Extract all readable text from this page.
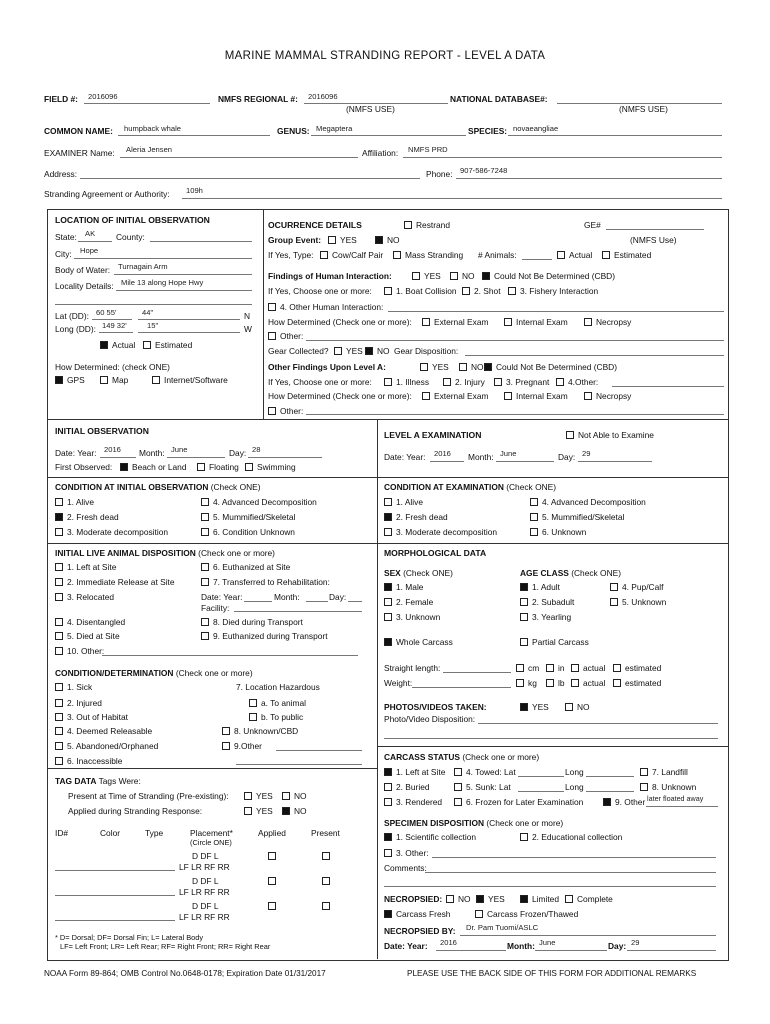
MARINE MAMMAL STRANDING REPORT - LEVEL A DATA
FIELD #: 2016096	NMFS REGIONAL #: 2016096
(NMFS USE)
NATIONAL DATABASE#:
(NMFS USE)
COMMON NAME: humpback whale	GENUS: Megaptera	SPECIES: novaeangliae
EXAMINER Name: Aleria Jensen	Affiliation: NMFS PRD
Address:	Phone: 907-586-7248
Stranding Agreement or Authority: 109h
LOCATION OF INITIAL OBSERVATION
State: AK County:
City: Hope
Body of Water: Turnagain Arm
Locality Details: Mile 13 along Hope Hwy
Lat (DD): 60 55'	44"	N
Long (DD): 149 32'	15"	W
Actual	Estimated
How Determined: (check ONE)
GPS	Map	Internet/Software
OCURRENCE DETAILS	Restrand	GE#
Group Event:	YES	NO	(NMFS Use)
If Yes, Type:	Cow/Calf Pair	Mass Stranding # Animals:	Actual	Estimated
Findings of Human Interaction:	YES	NO	Could Not Be Determined (CBD)
If Yes, Choose one or more:	1. Boat Collision	2. Shot	3. Fishery Interaction
4. Other Human Interaction:
How Determined (Check one or more):	External Exam	Internal Exam	Necropsy
Other:
Gear Collected?	YES	NO Gear Disposition:
Other Findings Upon Level A:	YES	NO	Could Not Be Determined (CBD)
If Yes, Choose one or more:	1. Illness	2. Injury	3. Pregnant	4.Other:
How Determined (Check one or more):	External Exam	Internal Exam	Necropsy
Other:
INITIAL OBSERVATION
Date: Year: 2016 Month: June	Day: 28
First Observed:	Beach or Land	Floating	Swimming
LEVEL A EXAMINATION	Not Able to Examine
Date: Year: 2016 Month: June	Day: 29
CONDITION AT INITIAL OBSERVATION (Check ONE)
1. Alive
2. Fresh dead
3. Moderate decomposition
4. Advanced Decomposition
5. Mummified/Skeletal
6. Condition Unknown
CONDITION AT EXAMINATION (Check ONE)
1. Alive
2. Fresh dead
3. Moderate decomposition
4. Advanced Decomposition
5. Mummified/Skeletal
6. Unknown
INITIAL LIVE ANIMAL DISPOSITION (Check one or more)
1. Left at Site
2. Immediate Release at Site
3. Relocated
6. Euthanized at Site
7. Transferred to Rehabilitation:
Date: Year:	Month:	Day:
Facility:
4. Disentangled
5. Died at Site
8. Died during Transport
9. Euthanized during Transport
10. Other:
CONDITION/DETERMINATION (Check one or more)
1. Sick
2. Injured
3. Out of Habitat
4. Deemed Releasable
5. Abandoned/Orphaned
6. Inaccessible
7. Location Hazardous
a. To animal
b. To public
8. Unknown/CBD
9.Other
MORPHOLOGICAL DATA
SEX (Check ONE)
1. Male
2. Female
3. Unknown
AGE CLASS (Check ONE)
1. Adult
2. Subadult
3. Yearling
4. Pup/Calf
5. Unknown
Whole Carcass	Partial Carcass
Straight length:	cm	in	actual	estimated
Weight:	kg	lb	actual	estimated
PHOTOS/VIDEOS TAKEN:	YES	NO
Photo/Video Disposition:
TAG DATA Tags Were:
Present at Time of Stranding (Pre-existing):	YES	NO
Applied during Stranding Response:	YES	NO
ID#	Color	Type	Placement*	Applied	Present
(Circle ONE)
D DF L
LF LR RF RR
D DF L
LF LR RF RR
D DF L
LF LR RF RR
* D= Dorsal; DF= Dorsal Fin; L= Lateral Body
LF= Left Front; LR= Left Rear; RF= Right Front; RR= Right Rear
CARCASS STATUS (Check one or more)
1. Left at Site	4. Towed: Lat	Long	7. Landfill
2. Buried	5. Sunk: Lat	Long	8. Unknown
3. Rendered	6. Frozen for Later Examination	9. Other later floated away
SPECIMEN DISPOSITION (Check one or more)
1. Scientific collection	2. Educational collection
3. Other:
Comments:
NECROPSIED:	NO	YES	Limited	Complete
Carcass Fresh	Carcass Frozen/Thawed
NECROPSIED BY: Dr. Pam Tuomi/ASLC
Date: Year: 2016	Month: June	Day: 29
NOAA Form 89-864; OMB Control No.0648-0178; Expiration Date 01/31/2017	PLEASE USE THE BACK SIDE OF THIS FORM FOR ADDITIONAL REMARKS
